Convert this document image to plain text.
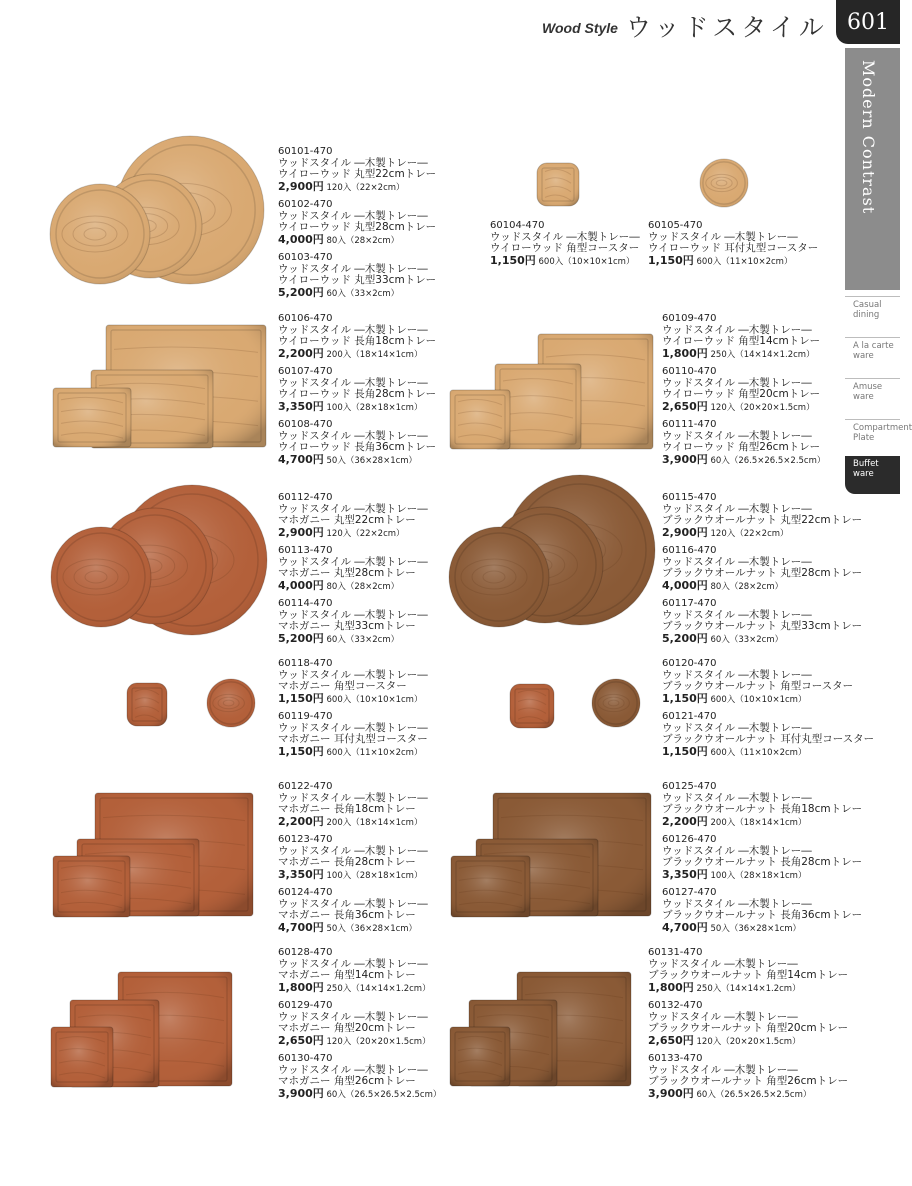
Wood Style ウッドスタイル 601
Modern Contrast
Casual
dining
A la carte
ware
Amuse
ware
Compartment
Plate
Buffet
ware
60101-470
ウッドスタイル ―木製トレー―
ウイローウッド 丸型22cmトレー
2,900円 120入（22×2cm）
60102-470
ウッドスタイル ―木製トレー―
ウイローウッド 丸型28cmトレー
4,000円 80入（28×2cm）
60103-470
ウッドスタイル ―木製トレー―
ウイローウッド 丸型33cmトレー
5,200円 60入（33×2cm）
60104-470
ウッドスタイル ―木製トレー―
ウイローウッド 角型コースター
1,150円 600入（10×10×1cm）
60105-470
ウッドスタイル ―木製トレー―
ウイローウッド 耳付丸型コースター
1,150円 600入（11×10×2cm）
60106-470
ウッドスタイル ―木製トレー―
ウイローウッド 長角18cmトレー
2,200円 200入（18×14×1cm）
60107-470
ウッドスタイル ―木製トレー―
ウイローウッド 長角28cmトレー
3,350円 100入（28×18×1cm）
60108-470
ウッドスタイル ―木製トレー―
ウイローウッド 長角36cmトレー
4,700円 50入（36×28×1cm）
60109-470
ウッドスタイル ―木製トレー―
ウイローウッド 角型14cmトレー
1,800円 250入（14×14×1.2cm）
60110-470
ウッドスタイル ―木製トレー―
ウイローウッド 角型20cmトレー
2,650円 120入（20×20×1.5cm）
60111-470
ウッドスタイル ―木製トレー―
ウイローウッド 角型26cmトレー
3,900円 60入（26.5×26.5×2.5cm）
60112-470
ウッドスタイル ―木製トレー―
マホガニー 丸型22cmトレー
2,900円 120入（22×2cm）
60113-470
ウッドスタイル ―木製トレー―
マホガニー 丸型28cmトレー
4,000円 80入（28×2cm）
60114-470
ウッドスタイル ―木製トレー―
マホガニー 丸型33cmトレー
5,200円 60入（33×2cm）
60115-470
ウッドスタイル ―木製トレー―
ブラックウオールナット 丸型22cmトレー
2,900円 120入（22×2cm）
60116-470
ウッドスタイル ―木製トレー―
ブラックウオールナット 丸型28cmトレー
4,000円 80入（28×2cm）
60117-470
ウッドスタイル ―木製トレー―
ブラックウオールナット 丸型33cmトレー
5,200円 60入（33×2cm）
60118-470
ウッドスタイル ―木製トレー―
マホガニー 角型コースター
1,150円 600入（10×10×1cm）
60119-470
ウッドスタイル ―木製トレー―
マホガニー 耳付丸型コースター
1,150円 600入（11×10×2cm）
60120-470
ウッドスタイル ―木製トレー―
ブラックウオールナット 角型コースター
1,150円 600入（10×10×1cm）
60121-470
ウッドスタイル ―木製トレー―
ブラックウオールナット 耳付丸型コースター
1,150円 600入（11×10×2cm）
60122-470
ウッドスタイル ―木製トレー―
マホガニー 長角18cmトレー
2,200円 200入（18×14×1cm）
60123-470
ウッドスタイル ―木製トレー―
マホガニー 長角28cmトレー
3,350円 100入（28×18×1cm）
60124-470
ウッドスタイル ―木製トレー―
マホガニー 長角36cmトレー
4,700円 50入（36×28×1cm）
60125-470
ウッドスタイル ―木製トレー―
ブラックウオールナット 長角18cmトレー
2,200円 200入（18×14×1cm）
60126-470
ウッドスタイル ―木製トレー―
ブラックウオールナット 長角28cmトレー
3,350円 100入（28×18×1cm）
60127-470
ウッドスタイル ―木製トレー―
ブラックウオールナット 長角36cmトレー
4,700円 50入（36×28×1cm）
60128-470
ウッドスタイル ―木製トレー―
マホガニー 角型14cmトレー
1,800円 250入（14×14×1.2cm）
60129-470
ウッドスタイル ―木製トレー―
マホガニー 角型20cmトレー
2,650円 120入（20×20×1.5cm）
60130-470
ウッドスタイル ―木製トレー―
マホガニー 角型26cmトレー
3,900円 60入（26.5×26.5×2.5cm）
60131-470
ウッドスタイル ―木製トレー―
ブラックウオールナット 角型14cmトレー
1,800円 250入（14×14×1.2cm）
60132-470
ウッドスタイル ―木製トレー―
ブラックウオールナット 角型20cmトレー
2,650円 120入（20×20×1.5cm）
60133-470
ウッドスタイル ―木製トレー―
ブラックウオールナット 角型26cmトレー
3,900円 60入（26.5×26.5×2.5cm）
